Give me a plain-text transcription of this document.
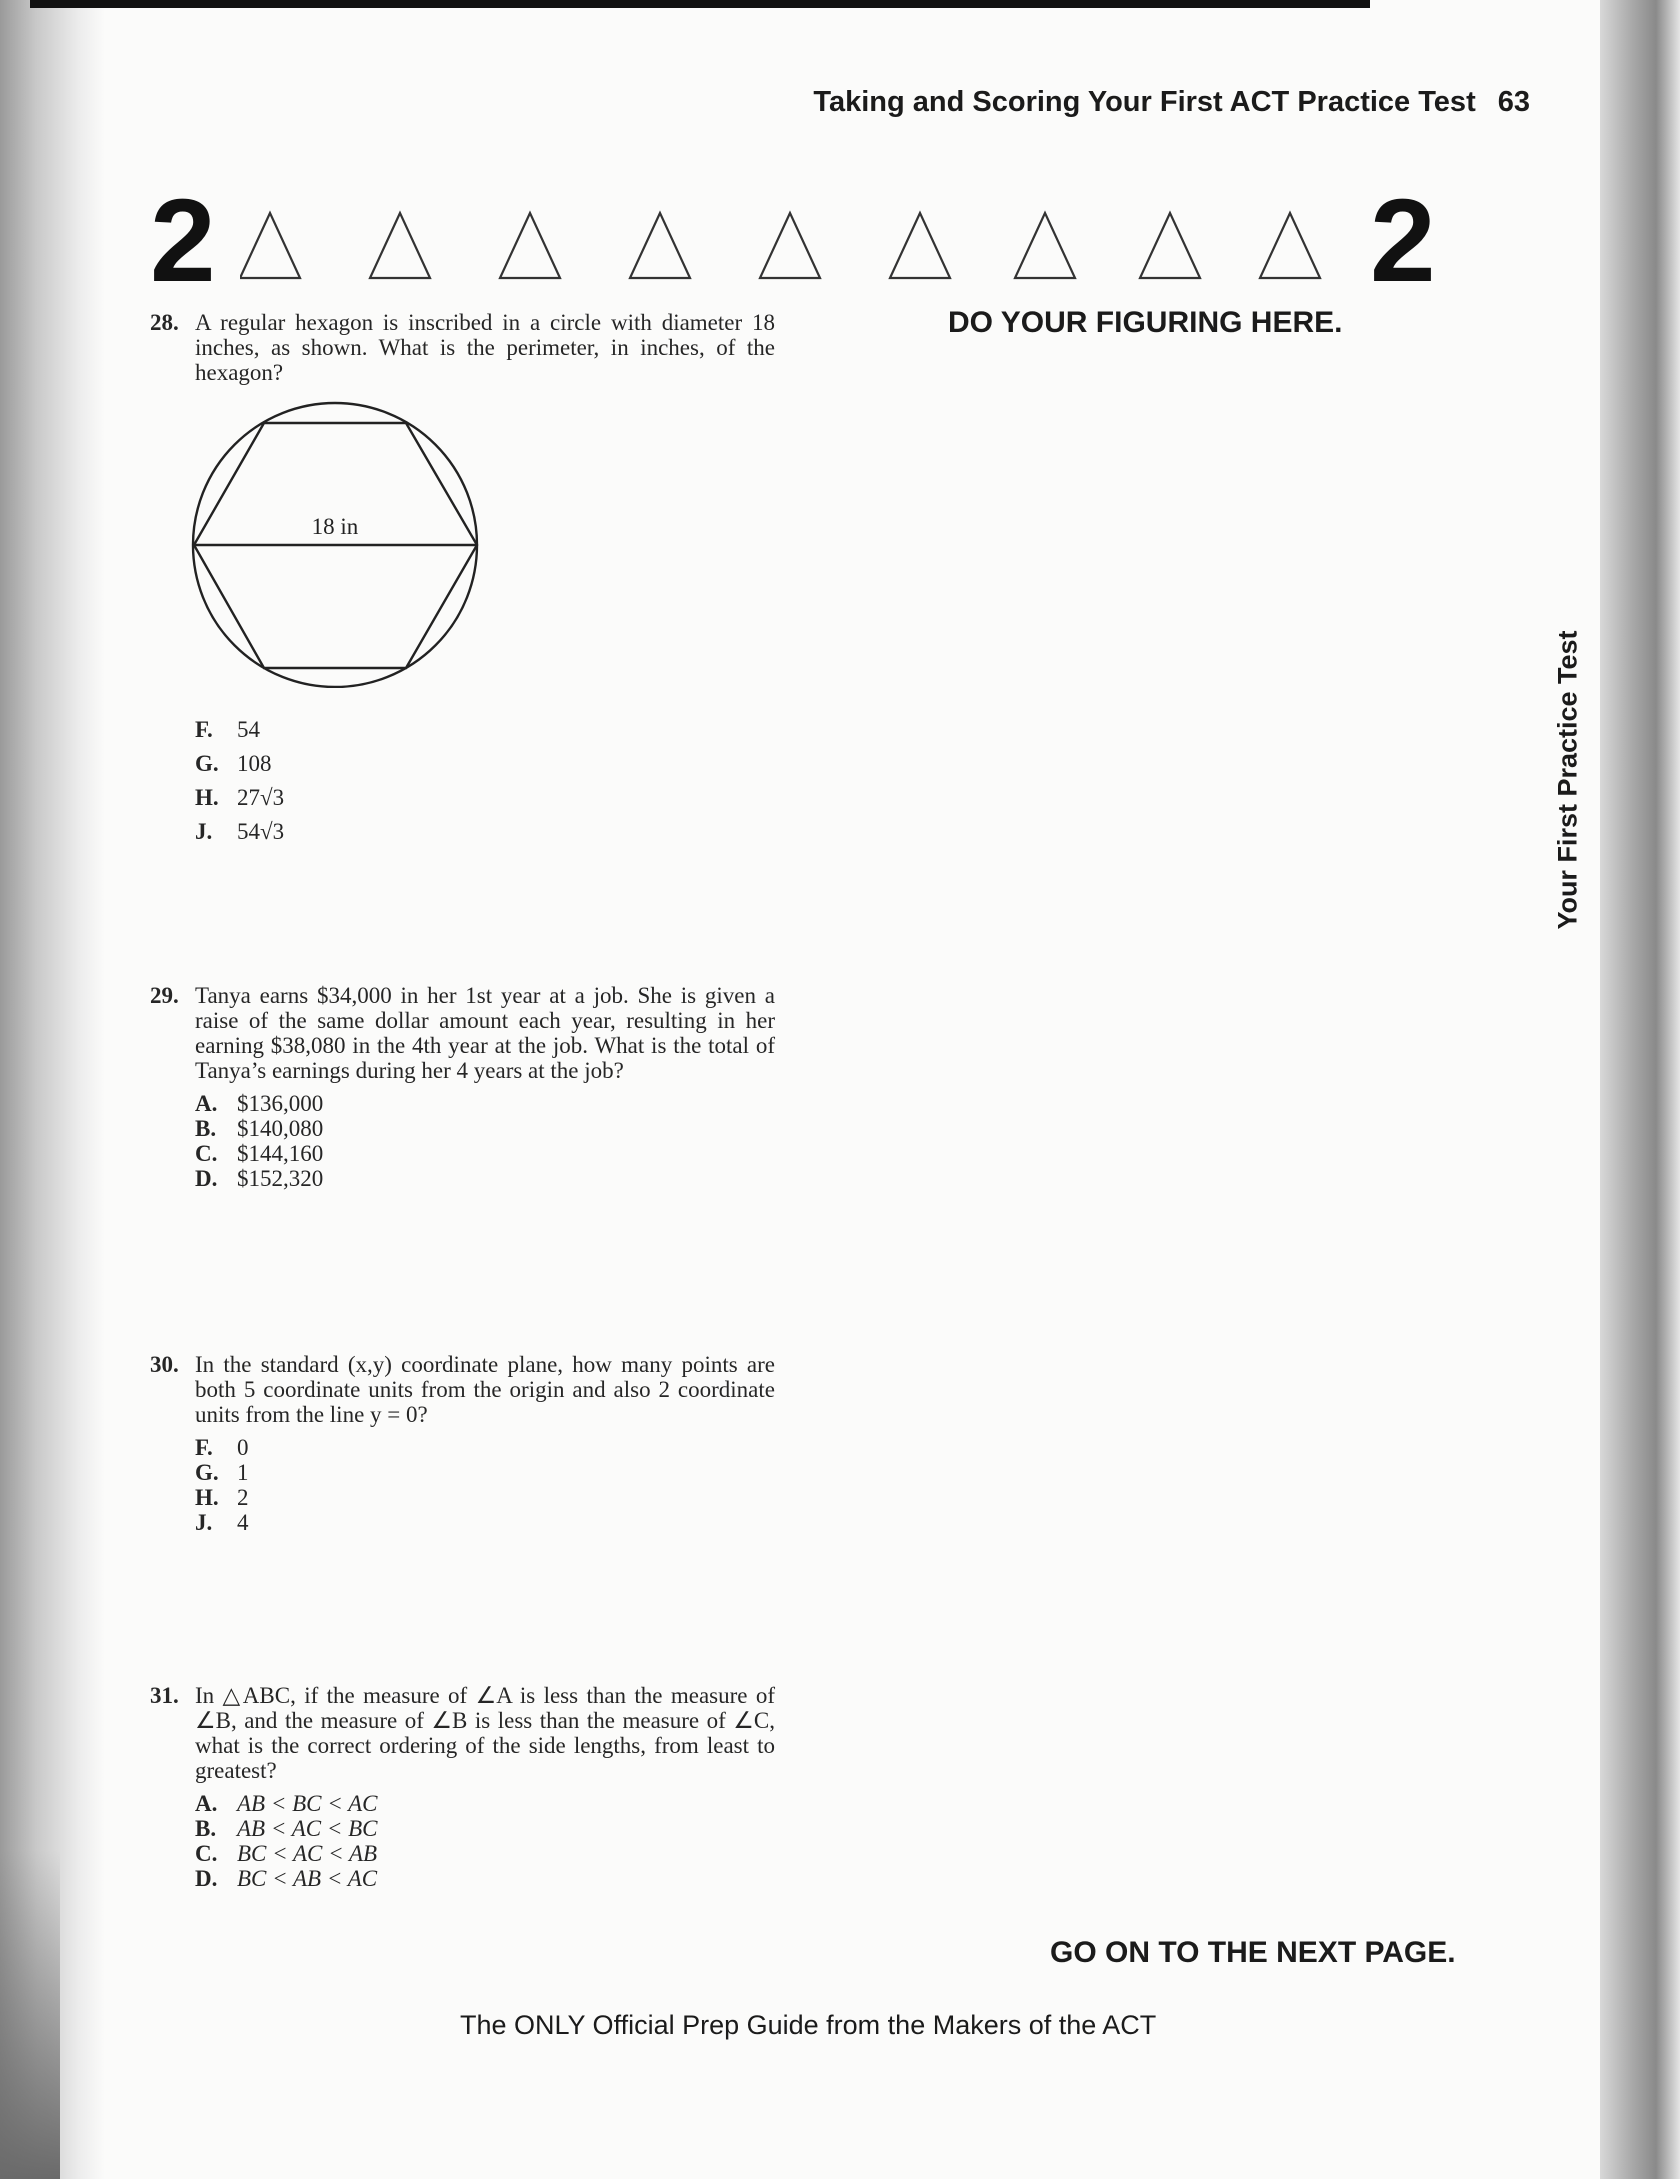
Taking and Scoring Your First ACT Practice Test 63
2	2
DO YOUR FIGURING HERE.
Your First Practice Test
28. A regular hexagon is inscribed in a circle with diameter 18 inches, as shown. What is the perimeter, in inches, of the hexagon?
18 in
F.	54
G. 108
H. 27√3
J.	54√3
29. Tanya earns $34,000 in her 1st year at a job. She is given a raise of the same dollar amount each year, resulting in her earning $38,080 in the 4th year at the job. What is the total of Tanya’s earnings during her 4 years at the job?
A. $136,000
B. $140,080
C. $144,160
D. $152,320
30. In the standard (x,y) coordinate plane, how many points are both 5 coordinate units from the origin and also 2 coordinate units from the line y = 0?
F.	0
G. 1
H. 2
J.	4
31. In △ABC, if the measure of ∠A is less than the measure of ∠B, and the measure of ∠B is less than the measure of ∠C, what is the correct ordering of the side lengths, from least to greatest?
A. AB < BC < AC
B. AB < AC < BC
C. BC < AC < AB
D. BC < AB < AC
GO ON TO THE NEXT PAGE.
The ONLY Official Prep Guide from the Makers of the ACT
